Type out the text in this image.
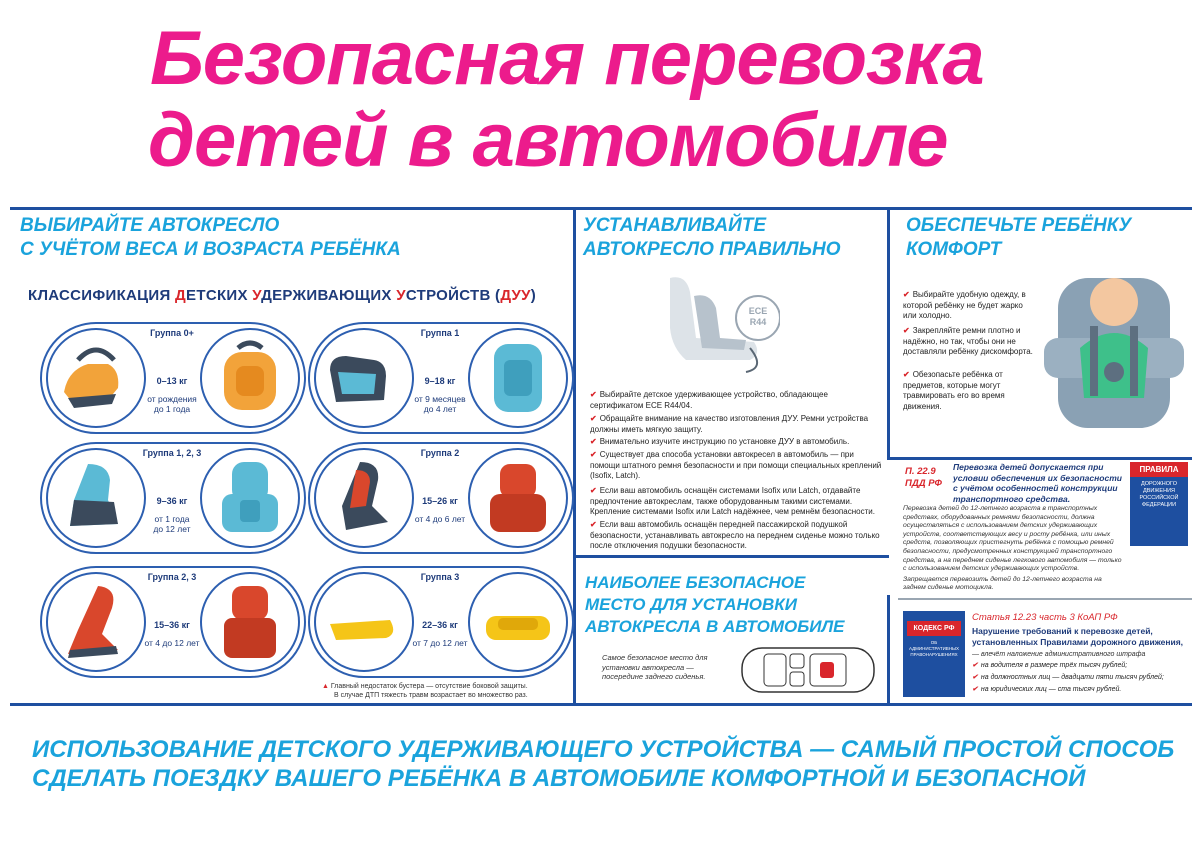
Безопасная перевозка
детей в автомобиле
ВЫБИРАЙТЕ АВТОКРЕСЛО
С УЧЁТОМ ВЕСА И ВОЗРАСТА РЕБЁНКА
КЛАССИФИКАЦИЯ ДЕТСКИХ УДЕРЖИВАЮЩИХ УСТРОЙСТВ (ДУУ)
Группа 0+
0–13 кг
от рождения
до 1 года
Группа 1
9–18 кг
от 9 месяцев
до 4 лет
Группа 1, 2, 3
9–36 кг
от 1 года
до 12 лет
Группа 2
15–26 кг
от 4 до 6 лет
Группа 2, 3
15–36 кг
от 4 до 12 лет
Группа 3
22–36 кг
от 7 до 12 лет
▲ Главный недостаток бустера — отсутствие боковой защиты.
В случае ДТП тяжесть травм возрастает во множество раз.
УСТАНАВЛИВАЙТЕ
АВТОКРЕСЛО ПРАВИЛЬНО
ECE
R44
✔ Выбирайте детское удерживающее устройство, обладающее сертификатом ECE R44/04.
✔ Обращайте внимание на качество изготовления ДУУ. Ремни устройства должны иметь мягкую защиту.
✔ Внимательно изучите инструкцию по установке ДУУ в автомобиль.
✔ Существует два способа установки автокресел в автомобиль — при помощи штатного ремня безопасности и при помощи специальных креплений (Isofix, Latch).
✔ Если ваш автомобиль оснащён системами Isofix или Latch, отдавайте предпочтение автокреслам, также оборудованным такими системами. Крепление системами Isofix или Latch надёжнее, чем ремнём безопасности.
✔ Если ваш автомобиль оснащён передней пассажирской подушкой безопасности, устанавливать автокресло на переднем сиденье можно только после отключения подушки безопасности.
НАИБОЛЕЕ БЕЗОПАСНОЕ
МЕСТО ДЛЯ УСТАНОВКИ
АВТОКРЕСЛА В АВТОМОБИЛЕ
Самое безопасное место для установки автокресла — посередине заднего сиденья.
ОБЕСПЕЧЬТЕ РЕБЁНКУ
КОМФОРТ
✔ Выбирайте удобную одежду, в которой ребёнку не будет жарко или холодно.
✔ Закрепляйте ремни плотно и надёжно, но так, чтобы они не доставляли ребёнку дискомфорта.
✔ Обезопасьте ребёнка от предметов, которые могут травмировать его во время движения.
П. 22.9
ПДД РФ
Перевозка детей допускается при условии обеспечения их безопасности с учётом особенностей конструкции транспортного средства.
Перевозка детей до 12-летнего возраста в транспортных средствах, оборудованных ремнями безопасности, должна осуществляться с использованием детских удерживающих устройств, соответствующих весу и росту ребёнка, или иных средств, позволяющих пристегнуть ребёнка с помощью ремней безопасности, предусмотренных конструкцией транспортного средства, а на переднем сиденье легкового автомобиля — только с использованием детских удерживающих устройств.
Запрещается перевозить детей до 12-летнего возраста на заднем сиденье мотоцикла.
ПРАВИЛА
ДОРОЖНОГО ДВИЖЕНИЯ РОССИЙСКОЙ ФЕДЕРАЦИИ
КОДЕКС РФ
ОБ АДМИНИСТРАТИВНЫХ ПРАВОНАРУШЕНИЯХ
Статья 12.23 часть 3 КоАП РФ
Нарушение требований к перевозке детей, установленных Правилами дорожного движения,
— влечёт наложение административного штрафа
✔ на водителя в размере трёх тысяч рублей;
✔ на должностных лиц — двадцати пяти тысяч рублей;
✔ на юридических лиц — ста тысяч рублей.
ИСПОЛЬЗОВАНИЕ ДЕТСКОГО УДЕРЖИВАЮЩЕГО УСТРОЙСТВА — САМЫЙ ПРОСТОЙ СПОСОБ
СДЕЛАТЬ ПОЕЗДКУ ВАШЕГО РЕБЁНКА В АВТОМОБИЛЕ КОМФОРТНОЙ И БЕЗОПАСНОЙ
